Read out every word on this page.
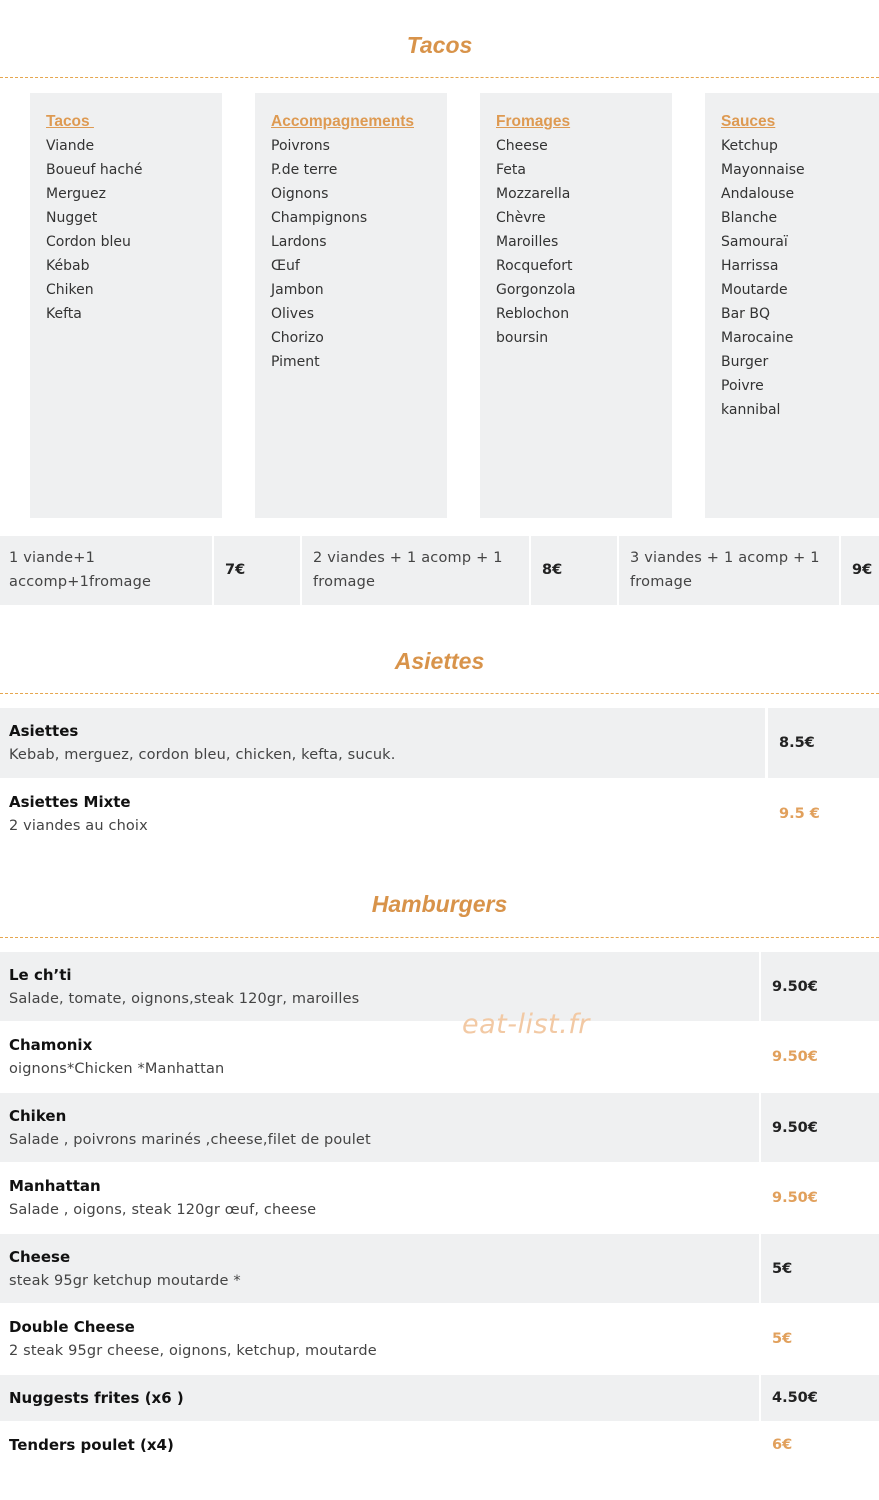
Tacos
Tacos
Viande
Boueuf haché
Merguez
Nugget
Cordon bleu
Kébab
Chiken
Kefta
Accompagnements
Poivrons
P.de terre
Oignons
Champignons
Lardons
Œuf
Jambon
Olives
Chorizo
Piment
Fromages
Cheese
Feta
Mozzarella
Chèvre
Maroilles
Rocquefort
Gorgonzola
Reblochon
boursin
Sauces
Ketchup
Mayonnaise
Andalouse
Blanche
Samouraï
Harrissa
Moutarde
Bar BQ
Marocaine
Burger
Poivre
kannibal
1 viande+1 accomp+1fromage
7€
2 viandes + 1 acomp + 1 fromage
8€
3 viandes + 1 acomp + 1 fromage
9€
Asiettes
Asiettes
Kebab, merguez, cordon bleu, chicken, kefta, sucuk.
8.5€
Asiettes Mixte
2 viandes au choix
9.5 €
Hamburgers
Le ch’ti
Salade, tomate, oignons,steak 120gr, maroilles
9.50€
Chamonix
oignons*Chicken *Manhattan
9.50€
Chiken
Salade , poivrons marinés ,cheese,filet de poulet
9.50€
Manhattan
Salade , oigons, steak 120gr œuf, cheese
9.50€
Cheese
steak 95gr ketchup moutarde *
5€
Double Cheese
2 steak 95gr cheese, oignons, ketchup, moutarde
5€
Nuggests frites (x6 )	4.50€
Tenders poulet (x4)	6€
eat-list.fr
